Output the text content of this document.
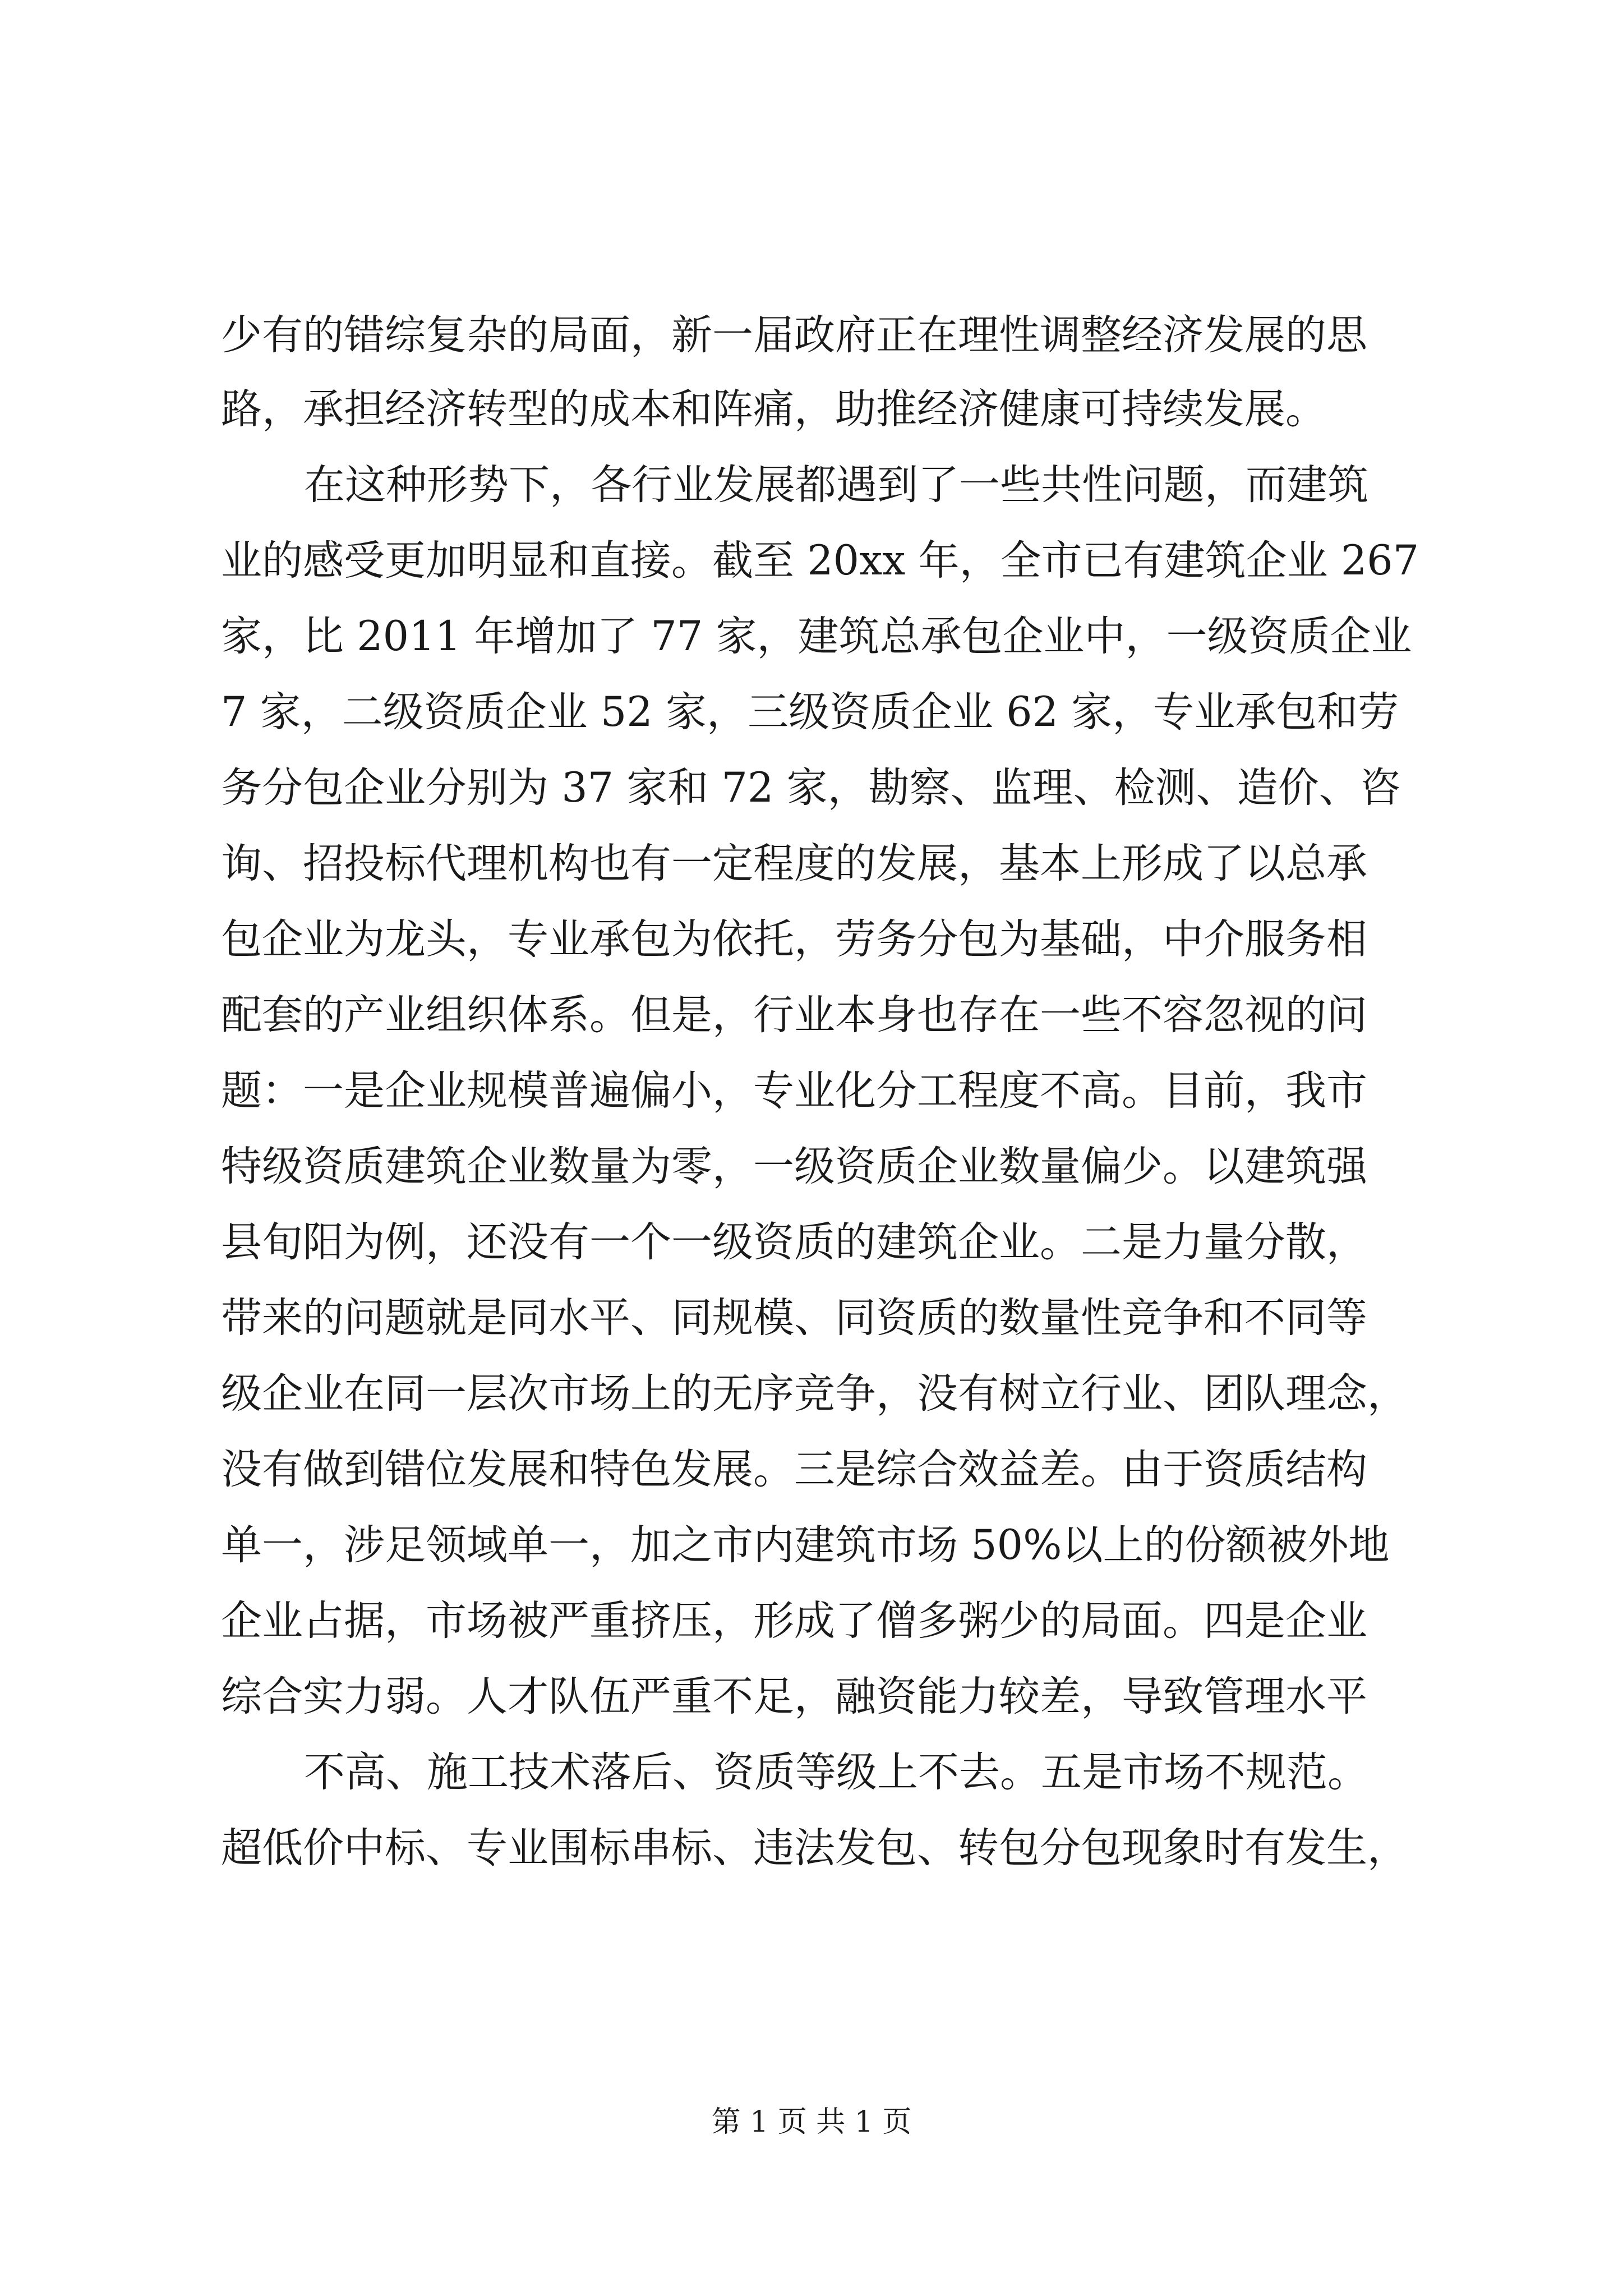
少有的错综复杂的局面，新一届政府正在理性调整经济发展的思
路，承担经济转型的成本和阵痛，助推经济健康可持续发展。
在这种形势下，各行业发展都遇到了一些共性问题，而建筑
业的感受更加明显和直接。截至 20xx 年，全市已有建筑企业 267
家，比 2011 年增加了 77 家，建筑总承包企业中，一级资质企业
7 家，二级资质企业 52 家，三级资质企业 62 家，专业承包和劳
务分包企业分别为 37 家和 72 家，勘察、监理、检测、造价、咨
询、招投标代理机构也有一定程度的发展，基本上形成了以总承
包企业为龙头，专业承包为依托，劳务分包为基础，中介服务相
配套的产业组织体系。但是，行业本身也存在一些不容忽视的问
题：一是企业规模普遍偏小，专业化分工程度不高。目前，我市
特级资质建筑企业数量为零，一级资质企业数量偏少。以建筑强
县旬阳为例，还没有一个一级资质的建筑企业。二是力量分散，
带来的问题就是同水平、同规模、同资质的数量性竞争和不同等
级企业在同一层次市场上的无序竞争，没有树立行业、团队理念，
没有做到错位发展和特色发展。三是综合效益差。由于资质结构
单一，涉足领域单一，加之市内建筑市场 50%以上的份额被外地
企业占据，市场被严重挤压，形成了僧多粥少的局面。四是企业
综合实力弱。人才队伍严重不足，融资能力较差，导致管理水平
不高、施工技术落后、资质等级上不去。五是市场不规范。
超低价中标、专业围标串标、违法发包、转包分包现象时有发生，
第 1 页 共 1 页
